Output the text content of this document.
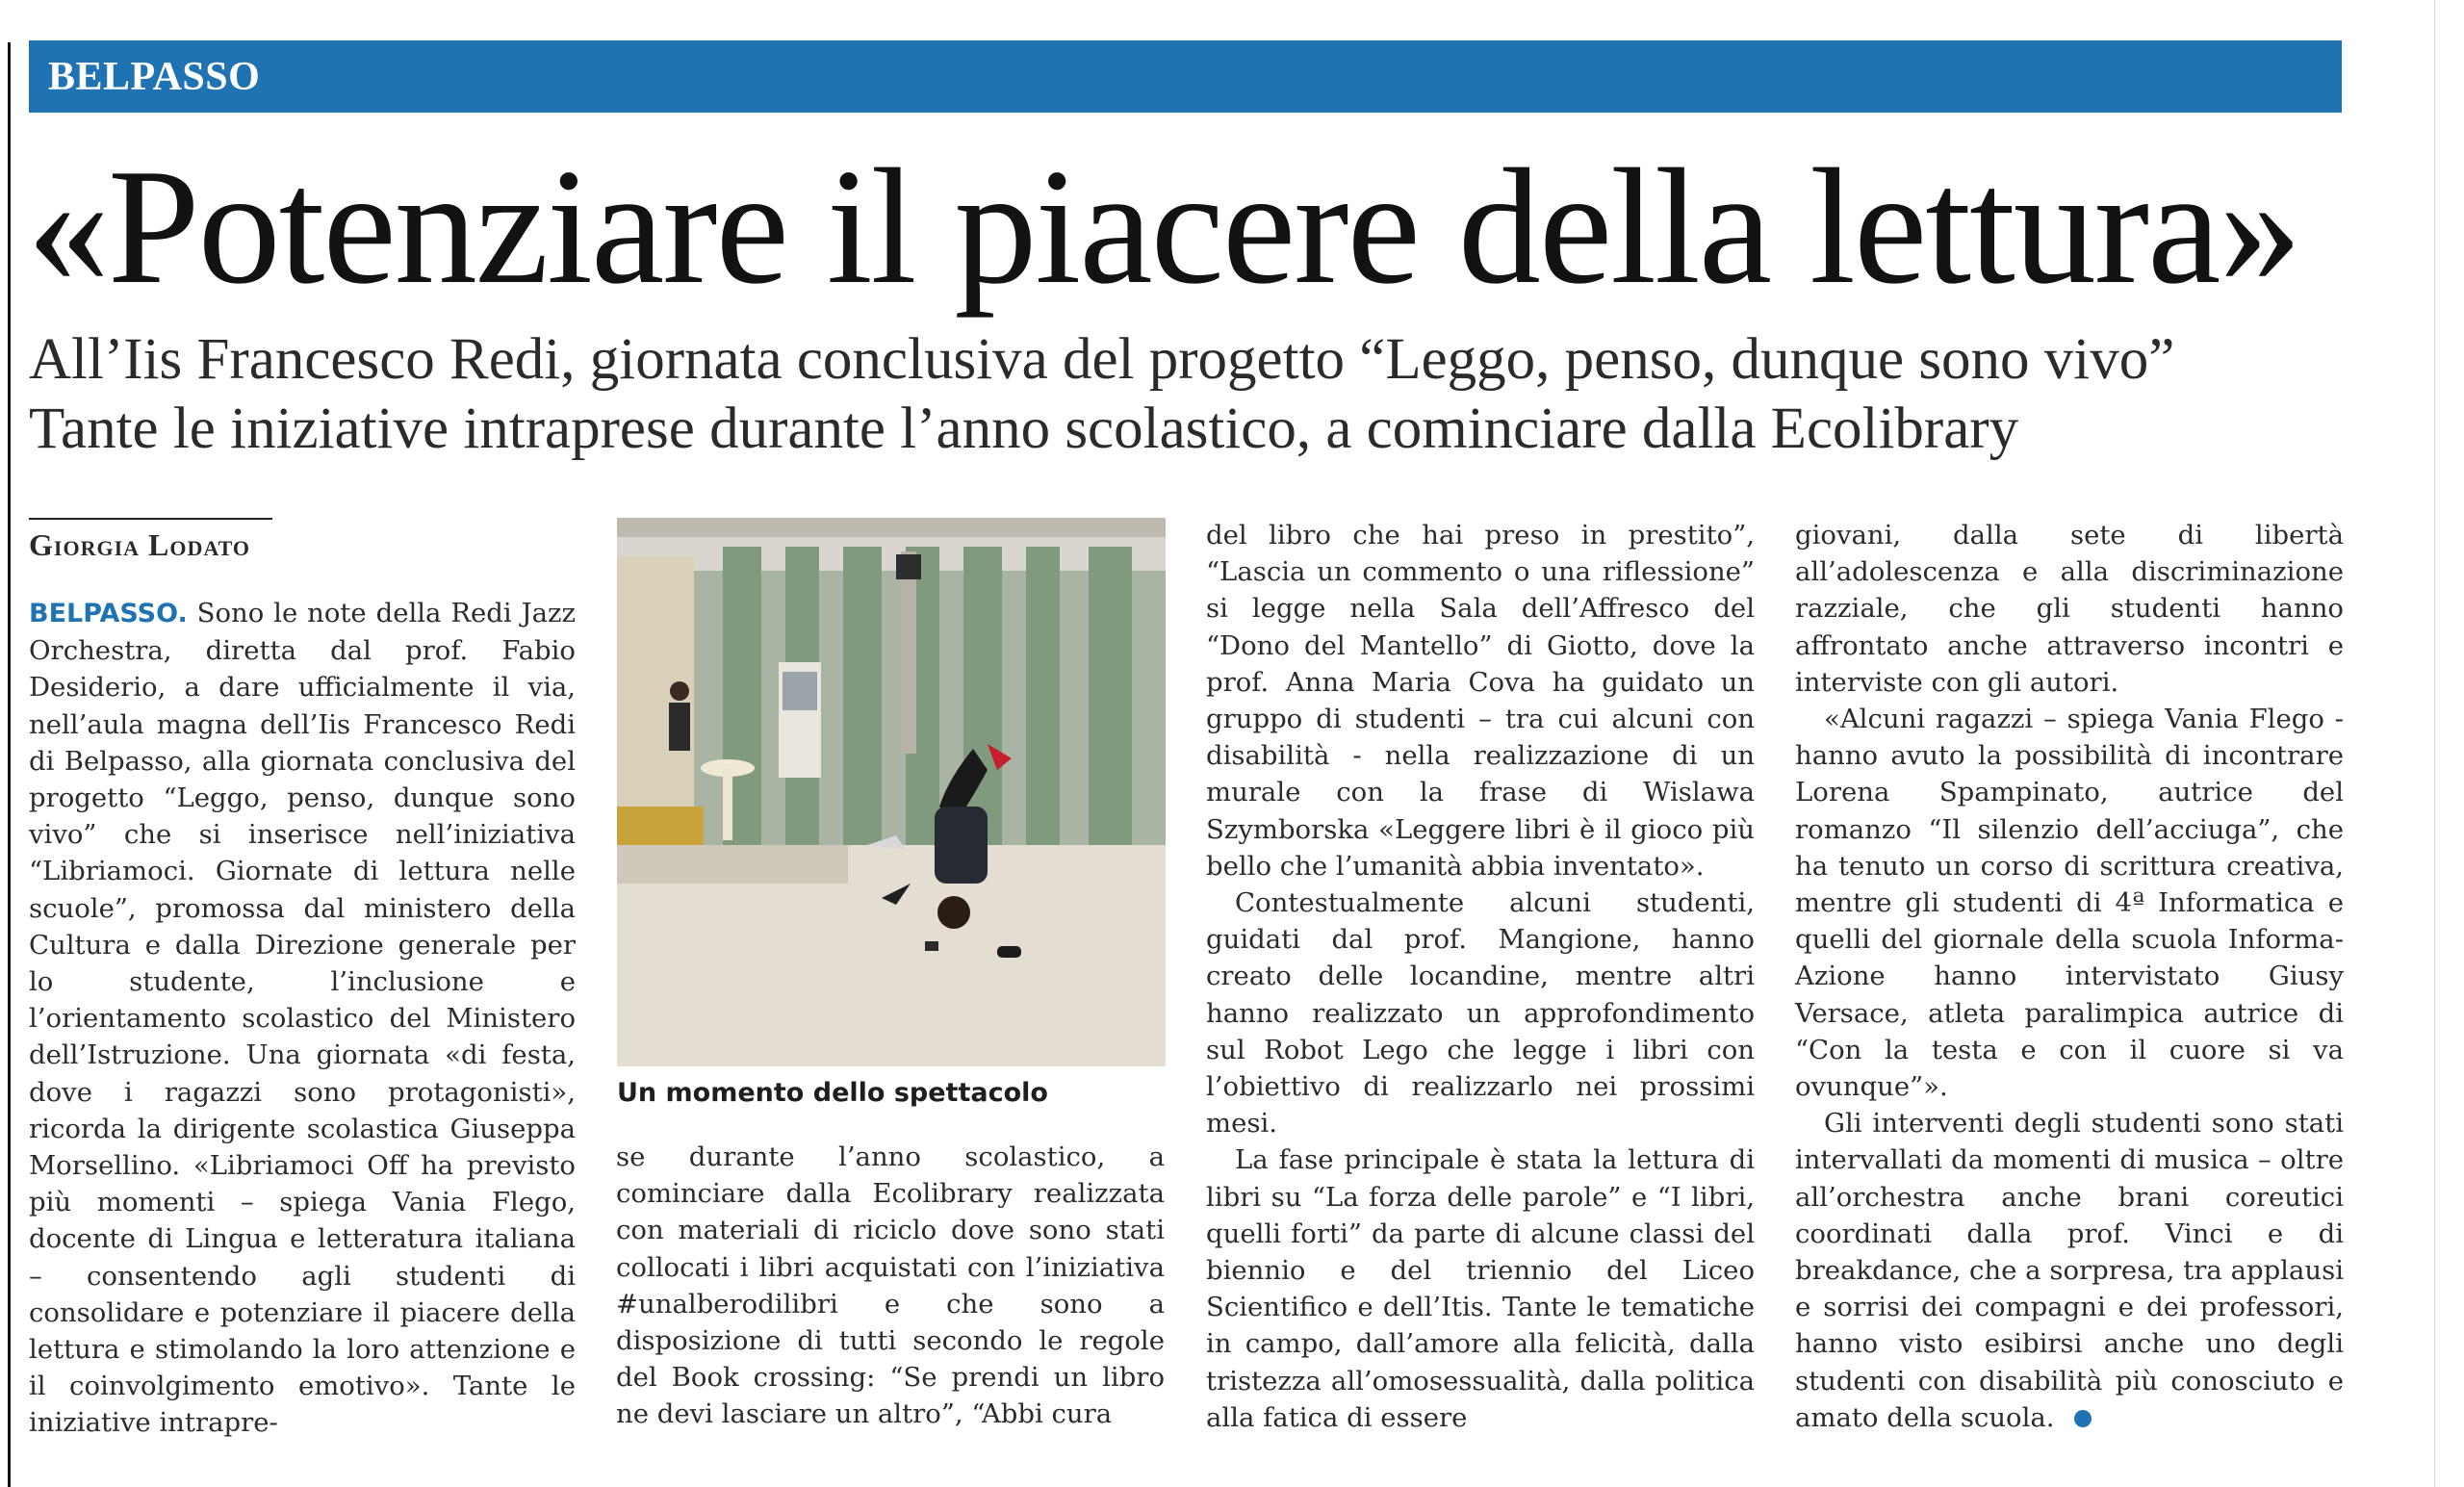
BELPASSO
«Potenziare il piacere della lettura»
All’Iis Francesco Redi, giornata conclusiva del progetto “Leggo, penso, dunque sono vivo”
Tante le iniziative intraprese durante l’anno scolastico, a cominciare dalla Ecolibrary
Giorgia Lodato

BELPASSO. Sono le note della Redi Jazz Orchestra, diretta dal prof. Fabio Desiderio, a dare ufficialmente il via, nell’aula magna dell’Iis Francesco Redi di Belpasso, alla giornata conclusiva del progetto “Leggo, penso, dunque sono vivo” che si inserisce nell’iniziativa “Libriamoci. Giornate di lettura nelle scuole”, promossa dal ministero della Cultura e dalla Direzione generale per lo studente, l’inclusione e l’orientamento scolastico del Ministero dell’Istruzione. Una giornata «di festa, dove i ragazzi sono protagonisti», ricorda la dirigente scolastica Giuseppa Morsellino. «Libriamoci Off ha previsto più momenti – spiega Vania Flego, docente di Lingua e letteratura italiana – consentendo agli studenti di consolidare e potenziare il piacere della lettura e stimolando la loro attenzione e il coinvolgimento emotivo». Tante le iniziative intrapre-

Un momento dello spettacolo

se durante l’anno scolastico, a cominciare dalla Ecolibrary realizzata con materiali di riciclo dove sono stati collocati i libri acquistati con l’iniziativa #unalberodilibri e che sono a disposizione di tutti secondo le regole del Book crossing: “Se prendi un libro ne devi lasciare un altro”, “Abbi cura

del libro che hai preso in prestito”, “Lascia un commento o una riflessione” si legge nella Sala dell’Affresco del “Dono del Mantello” di Giotto, dove la prof. Anna Maria Cova ha guidato un gruppo di studenti – tra cui alcuni con disabilità - nella realizzazione di un murale con la frase di Wislawa Szymborska «Leggere libri è il gioco più bello che l’umanità abbia inventato».

Contestualmente alcuni studenti, guidati dal prof. Mangione, hanno creato delle locandine, mentre altri hanno realizzato un approfondimento sul Robot Lego che legge i libri con l’obiettivo di realizzarlo nei prossimi mesi.

La fase principale è stata la lettura di libri su “La forza delle parole” e “I libri, quelli forti” da parte di alcune classi del biennio e del triennio del Liceo Scientifico e dell’Itis. Tante le tematiche in campo, dall’amore alla felicità, dalla tristezza all’omosessualità, dalla politica alla fatica di essere

giovani, dalla sete di libertà all’adolescenza e alla discriminazione razziale, che gli studenti hanno affrontato anche attraverso incontri e interviste con gli autori.

«Alcuni ragazzi – spiega Vania Flego - hanno avuto la possibilità di incontrare Lorena Spampinato, autrice del romanzo “Il silenzio dell’acciuga”, che ha tenuto un corso di scrittura creativa, mentre gli studenti di 4ª Informatica e quelli del giornale della scuola Informa-Azione hanno intervistato Giusy Versace, atleta paralimpica autrice di “Con la testa e con il cuore si va ovunque”».

Gli interventi degli studenti sono stati intervallati da momenti di musica – oltre all’orchestra anche brani coreutici coordinati dalla prof. Vinci e di breakdance, che a sorpresa, tra applausi e sorrisi dei compagni e dei professori, hanno visto esibirsi anche uno degli studenti con disabilità più conosciuto e amato della scuola.
